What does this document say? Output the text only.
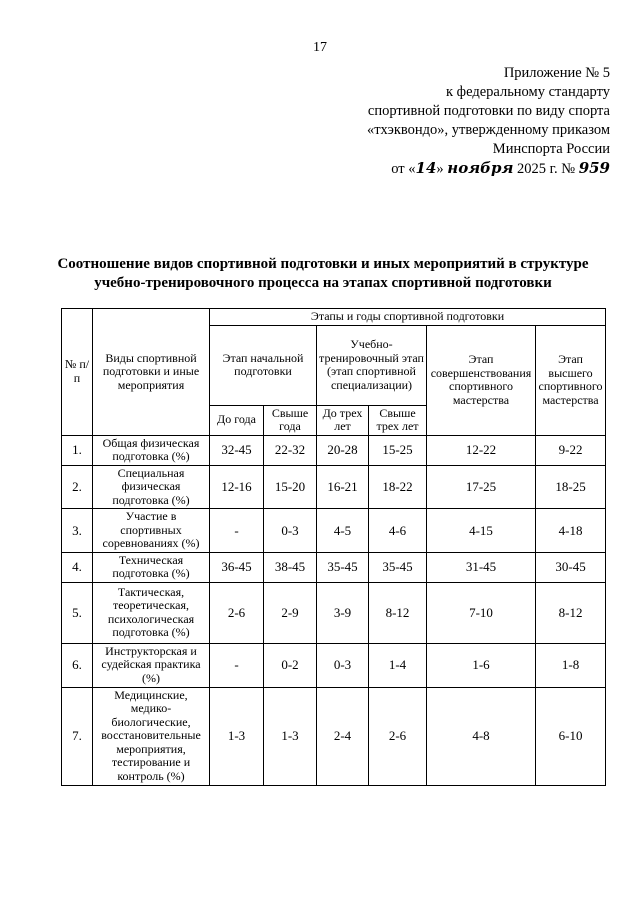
17
Приложение № 5
к федеральному стандарту
спортивной подготовки по виду спорта
«тхэквондо», утвержденному приказом
Минспорта России
от «14» ноября 2025 г. № 959
Соотношение видов спортивной подготовки и иных мероприятий в структуре
учебно-тренировочного процесса на этапах спортивной подготовки
№ п/п	Виды спортивной подготовки и иные мероприятия	Этапы и годы спортивной подготовки					
		Этап начальной подготовки		Учебно-тренировочный этап (этап спортивной специализации)		Этап совершенствования спортивного мастерства	Этап высшего спортивного мастерства
		До года	Свыше года	До трех лет	Свыше трех лет		
1.	Общая физическая подготовка (%)	32-45	22-32	20-28	15-25	12-22	9-22
2.	Специальная физическая подготовка (%)	12-16	15-20	16-21	18-22	17-25	18-25
3.	Участие в спортивных соревнованиях (%)	-	0-3	4-5	4-6	4-15	4-18
4.	Техническая подготовка (%)	36-45	38-45	35-45	35-45	31-45	30-45
5.	Тактическая, теоретическая, психологическая подготовка (%)	2-6	2-9	3-9	8-12	7-10	8-12
6.	Инструкторская и судейская практика (%)	-	0-2	0-3	1-4	1-6	1-8
7.	Медицинские, медико-биологические, восстановительные мероприятия, тестирование и контроль (%)	1-3	1-3	2-4	2-6	4-8	6-10
